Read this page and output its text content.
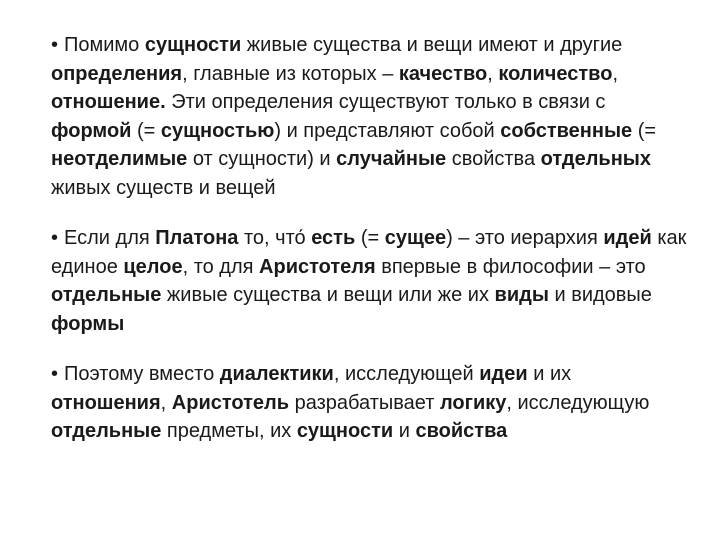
• Помимо сущности живые существа и вещи имеют и другие определения, главные из которых – качество, количество, отношение. Эти определения существуют только в связи с формой (= сущностью) и представляют собой собственные (= неотделимые от сущности) и случайные свойства отдельных живых существ и вещей

• Если для Платона то, что́ есть (= сущее) – это иерархия идей как единое целое, то для Аристотеля впервые в философии – это отдельные живые существа и вещи или же их виды и видовые формы

• Поэтому вместо диалектики, исследующей идеи и их отношения, Аристотель разрабатывает логику, исследующую отдельные предметы, их сущности и свойства
